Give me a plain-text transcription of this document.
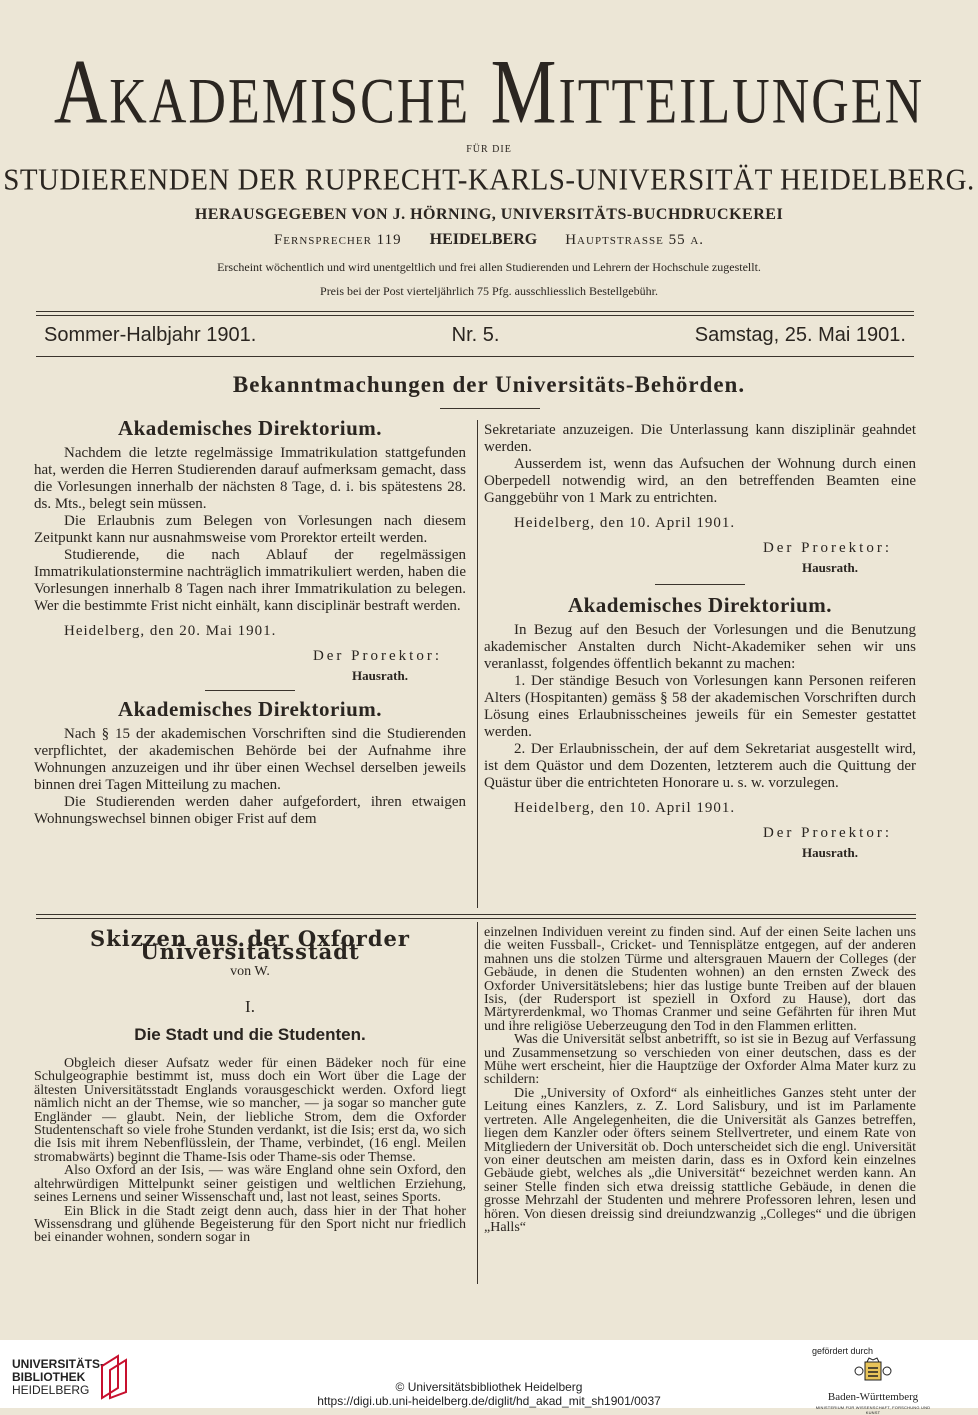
Akademische Mitteilungen
FÜR DIE
STUDIERENDEN DER RUPRECHT-KARLS-UNIVERSITÄT HEIDELBERG.
HERAUSGEGEBEN VON J. HÖRNING, UNIVERSITÄTS-BUCHDRUCKEREI
Fernsprecher 119 HEIDELBERG Hauptstrasse 55 a.
Erscheint wöchentlich und wird unentgeltlich und frei allen Studierenden und Lehrern der Hochschule zugestellt.
Preis bei der Post vierteljährlich 75 Pfg. ausschliesslich Bestellgebühr.
Sommer-Halbjahr 1901.	Nr. 5.	Samstag, 25. Mai 1901.
Bekanntmachungen der Universitäts-Behörden.
Akademisches Direktorium.

Nachdem die letzte regelmässige Immatrikulation stattgefunden hat, werden die Herren Studierenden darauf aufmerksam gemacht, dass die Vorlesungen innerhalb der nächsten 8 Tage, d. i. bis spätestens 28. ds. Mts., belegt sein müssen.

Die Erlaubnis zum Belegen von Vorlesungen nach diesem Zeitpunkt kann nur ausnahmsweise vom Prorektor erteilt werden.

Studierende, die nach Ablauf der regelmässigen Immatrikulationstermine nachträglich immatrikuliert werden, haben die Vorlesungen innerhalb 8 Tagen nach ihrer Immatrikulation zu belegen. Wer die bestimmte Frist nicht einhält, kann disciplinär bestraft werden.

Heidelberg, den 20. Mai 1901.

Der Prorektor:
Hausrath.
Akademisches Direktorium.

Nach § 15 der akademischen Vorschriften sind die Studierenden verpflichtet, der akademischen Behörde bei der Aufnahme ihre Wohnungen anzuzeigen und ihr über einen Wechsel derselben jeweils binnen drei Tagen Mitteilung zu machen.

Die Studierenden werden daher aufgefordert, ihren etwaigen Wohnungswechsel binnen obiger Frist auf dem

Sekretariate anzuzeigen. Die Unterlassung kann disziplinär geahndet werden.

Ausserdem ist, wenn das Aufsuchen der Wohnung durch einen Oberpedell notwendig wird, an den betreffenden Beamten eine Ganggebühr von 1 Mark zu entrichten.

Heidelberg, den 10. April 1901.

Der Prorektor:
Hausrath.
Akademisches Direktorium.

In Bezug auf den Besuch der Vorlesungen und die Benutzung akademischer Anstalten durch Nicht-Akademiker sehen wir uns veranlasst, folgendes öffentlich bekannt zu machen:

1. Der ständige Besuch von Vorlesungen kann Personen reiferen Alters (Hospitanten) gemäss § 58 der akademischen Vorschriften durch Lösung eines Erlaubnisscheines jeweils für ein Semester gestattet werden.

2. Der Erlaubnisschein, der auf dem Sekretariat ausgestellt wird, ist dem Quästor und dem Dozenten, letzterem auch die Quittung der Quästur über die entrichteten Honorare u. s. w. vorzulegen.

Heidelberg, den 10. April 1901.

Der Prorektor:
Hausrath.
Skizzen aus der Oxforder Universitätsstadt
von W.
I.
Die Stadt und die Studenten.

Obgleich dieser Aufsatz weder für einen Bädeker noch für eine Schulgeographie bestimmt ist, muss doch ein Wort über die Lage der ältesten Universitätsstadt Englands vorausgeschickt werden. Oxford liegt nämlich nicht an der Themse, wie so mancher, — ja sogar so mancher gute Engländer — glaubt. Nein, der liebliche Strom, dem die Oxforder Studentenschaft so viele frohe Stunden verdankt, ist die Isis; erst da, wo sich die Isis mit ihrem Nebenflüsslein, der Thame, verbindet, (16 engl. Meilen stromabwärts) beginnt die Thame-Isis oder Thame-sis oder Themse.

Also Oxford an der Isis, — was wäre England ohne sein Oxford, den altehrwürdigen Mittelpunkt seiner geistigen und weltlichen Erziehung, seines Lernens und seiner Wissenschaft und, last not least, seines Sports.

Ein Blick in die Stadt zeigt denn auch, dass hier in der That hoher Wissensdrang und glühende Begeisterung für den Sport nicht nur friedlich bei einander wohnen, sondern sogar in

einzelnen Individuen vereint zu finden sind. Auf der einen Seite lachen uns die weiten Fussball-, Cricket- und Tennisplätze entgegen, auf der anderen mahnen uns die stolzen Türme und altersgrauen Mauern der Colleges (der Gebäude, in denen die Studenten wohnen) an den ernsten Zweck des Oxforder Universitätslebens; hier das lustige bunte Treiben auf der blauen Isis, (der Rudersport ist speziell in Oxford zu Hause), dort das Märtyrerdenkmal, wo Thomas Cranmer und seine Gefährten für ihren Mut und ihre religiöse Ueberzeugung den Tod in den Flammen erlitten.

Was die Universität selbst anbetrifft, so ist sie in Bezug auf Verfassung und Zusammensetzung so verschieden von einer deutschen, dass es der Mühe wert erscheint, hier die Hauptzüge der Oxforder Alma Mater kurz zu schildern:

Die „University of Oxford“ als einheitliches Ganzes steht unter der Leitung eines Kanzlers, z. Z. Lord Salisbury, und ist im Parlamente vertreten. Alle Angelegenheiten, die die Universität als Ganzes betreffen, liegen dem Kanzler oder öfters seinem Stellvertreter, und einem Rate von Mitgliedern der Universität ob. Doch unterscheidet sich die engl. Universität von einer deutschen am meisten darin, dass es in Oxford kein einzelnes Gebäude giebt, welches als „die Universität“ bezeichnet werden kann. An seiner Stelle finden sich etwa dreissig stattliche Gebäude, in denen die grosse Mehrzahl der Studenten und mehrere Professoren lehren, lesen und hören. Von diesen dreissig sind dreiundzwanzig „Colleges“ und die übrigen „Halls“

UNIVERSITÄTS-
BIBLIOTHEK
HEIDELBERG	© Universitätsbibliothek Heidelberg
https://digi.ub.uni-heidelberg.de/diglit/hd_akad_mit_sh1901/0037
gefördert durch
Baden-Württemberg
MINISTERIUM FÜR WISSENSCHAFT, FORSCHUNG UND KUNST
